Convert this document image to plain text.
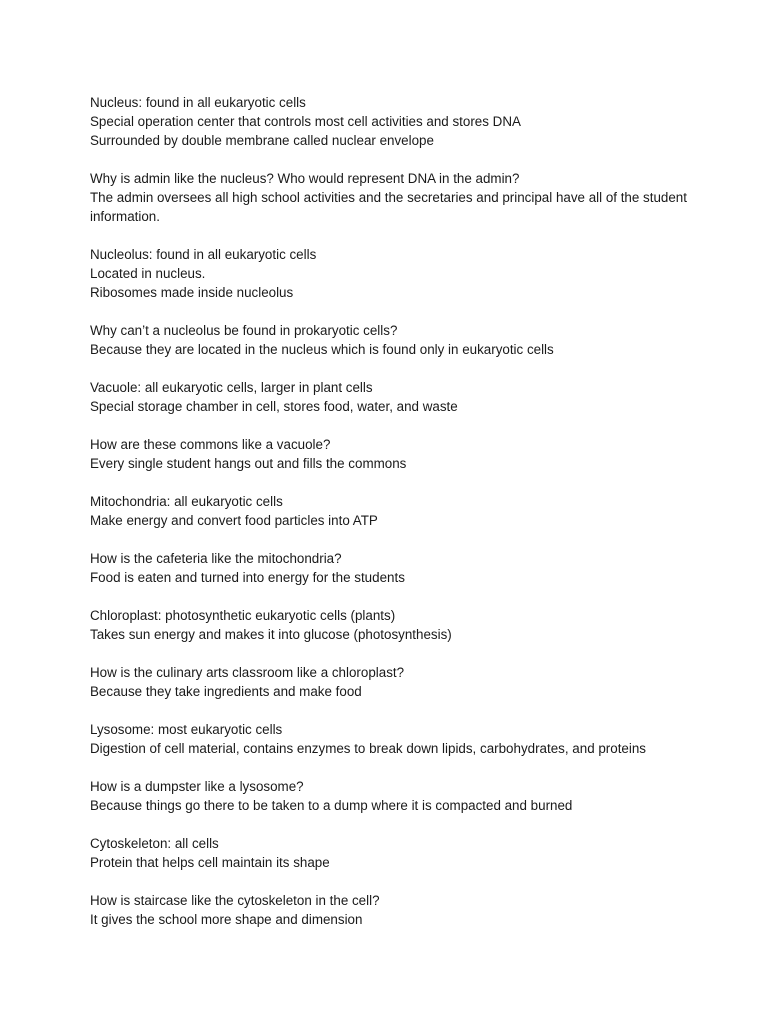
Nucleus: found in all eukaryotic cells
Special operation center that controls most cell activities and stores DNA
Surrounded by double membrane called nuclear envelope
Why is admin like the nucleus? Who would represent DNA in the admin?
The admin oversees all high school activities and the secretaries and principal have all of the student information.
Nucleolus: found in all eukaryotic cells
Located in nucleus.
Ribosomes made inside nucleolus
Why can’t a nucleolus be found in prokaryotic cells?
Because they are located in the nucleus which is found only in eukaryotic cells
Vacuole: all eukaryotic cells, larger in plant cells
Special storage chamber in cell, stores food, water, and waste
How are these commons like a vacuole?
Every single student hangs out and fills the commons
Mitochondria: all eukaryotic cells
Make energy and convert food particles into ATP
How is the cafeteria like the mitochondria?
Food is eaten and turned into energy for the students
Chloroplast: photosynthetic eukaryotic cells (plants)
Takes sun energy and makes it into glucose (photosynthesis)
How is the culinary arts classroom like a chloroplast?
Because they take ingredients and make food
Lysosome: most eukaryotic cells
Digestion of cell material, contains enzymes to break down lipids, carbohydrates, and proteins
How is a dumpster like a lysosome?
Because things go there to be taken to a dump where it is compacted and burned
Cytoskeleton: all cells
Protein that helps cell maintain its shape
How is staircase like the cytoskeleton in the cell?
It gives the school more shape and dimension
